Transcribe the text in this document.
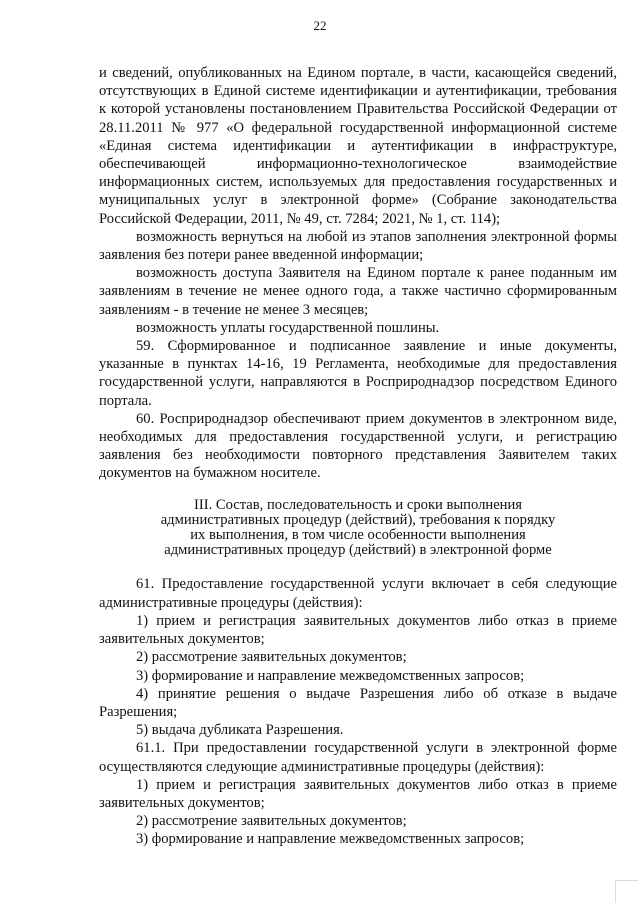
22

и сведений, опубликованных на Едином портале, в части, касающейся сведений, отсутствующих в Единой системе идентификации и аутентификации, требования к которой установлены постановлением Правительства Российской Федерации от 28.11.2011 № 977 «О федеральной государственной информационной системе «Единая система идентификации и аутентификации в инфраструктуре, обеспечивающей информационно-технологическое взаимодействие информационных систем, используемых для предоставления государственных и муниципальных услуг в электронной форме» (Собрание законодательства Российской Федерации, 2011, № 49, ст. 7284; 2021, № 1, ст. 114);

возможность вернуться на любой из этапов заполнения электронной формы заявления без потери ранее введенной информации;

возможность доступа Заявителя на Едином портале к ранее поданным им заявлениям в течение не менее одного года, а также частично сформированным заявлениям - в течение не менее 3 месяцев;

возможность уплаты государственной пошлины.

59. Сформированное и подписанное заявление и иные документы, указанные в пунктах 14-16, 19 Регламента, необходимые для предоставления государственной услуги, направляются в Росприроднадзор посредством Единого портала.

60. Росприроднадзор обеспечивают прием документов в электронном виде, необходимых для предоставления государственной услуги, и регистрацию заявления без необходимости повторного представления Заявителем таких документов на бумажном носителе.

III. Состав, последовательность и сроки выполнения
административных процедур (действий), требования к порядку
их выполнения, в том числе особенности выполнения
административных процедур (действий) в электронной форме

61. Предоставление государственной услуги включает в себя следующие административные процедуры (действия):

1) прием и регистрация заявительных документов либо отказ в приеме заявительных документов;

2) рассмотрение заявительных документов;

3) формирование и направление межведомственных запросов;

4) принятие решения о выдаче Разрешения либо об отказе в выдаче Разрешения;

5) выдача дубликата Разрешения.

61.1. При предоставлении государственной услуги в электронной форме осуществляются следующие административные процедуры (действия):

1) прием и регистрация заявительных документов либо отказ в приеме заявительных документов;

2) рассмотрение заявительных документов;

3) формирование и направление межведомственных запросов;
